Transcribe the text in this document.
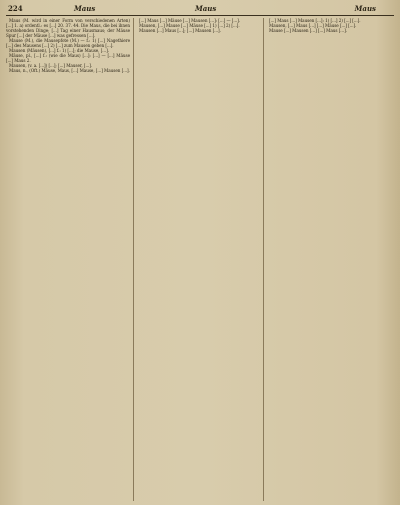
224	Maus	Maus	Maus

Maus (M. wird in einer Form von verschiedenen Arten) [...] 1. a) ordentl.: es [...] 20. 37. 44. Die Maus, die bei ihnen vorstehenden Dinge; [...] Tag einer Hausmaus; der Mäuse Spur [...] der Mäuse [...] was gefressen [...].

Mause (M.), die Mausepfote (M.) — f.: 1) [...] Nagethiere [...] des Mausens [...] 2) [...] zum Mausen geben [...].

Mausen (Mäusen), [...] f.: 1) [...]; die Mause, [...].

Mäuse, pl., [...] f.: (wie die Maus) [...]: [...] — [...] Mäuse [...] Maus 2.

Mausen, (v. a. [...]) [...]; [...] Mauser, [...].

Maus, n., (Oft.) Mäuse, Maus, [...] Mause, [...] Mausen [...].

[...] Maus [...] Mäuse [...] Mausen [...]: [...] — [...].

Mausen, [...] Mause [...] Mäuse [...] 1) [...] 2) [...].

Mausen [...] Maus [...]; [...] Mausen [...].

[...] Maus [...] Mausen [...]: 1) [...] 2) [...] [...].

Mausen, [...] Maus [...] [...] Mäuse [...] [...].

Mause [...] Mausen [...] [...] Maus [...].
